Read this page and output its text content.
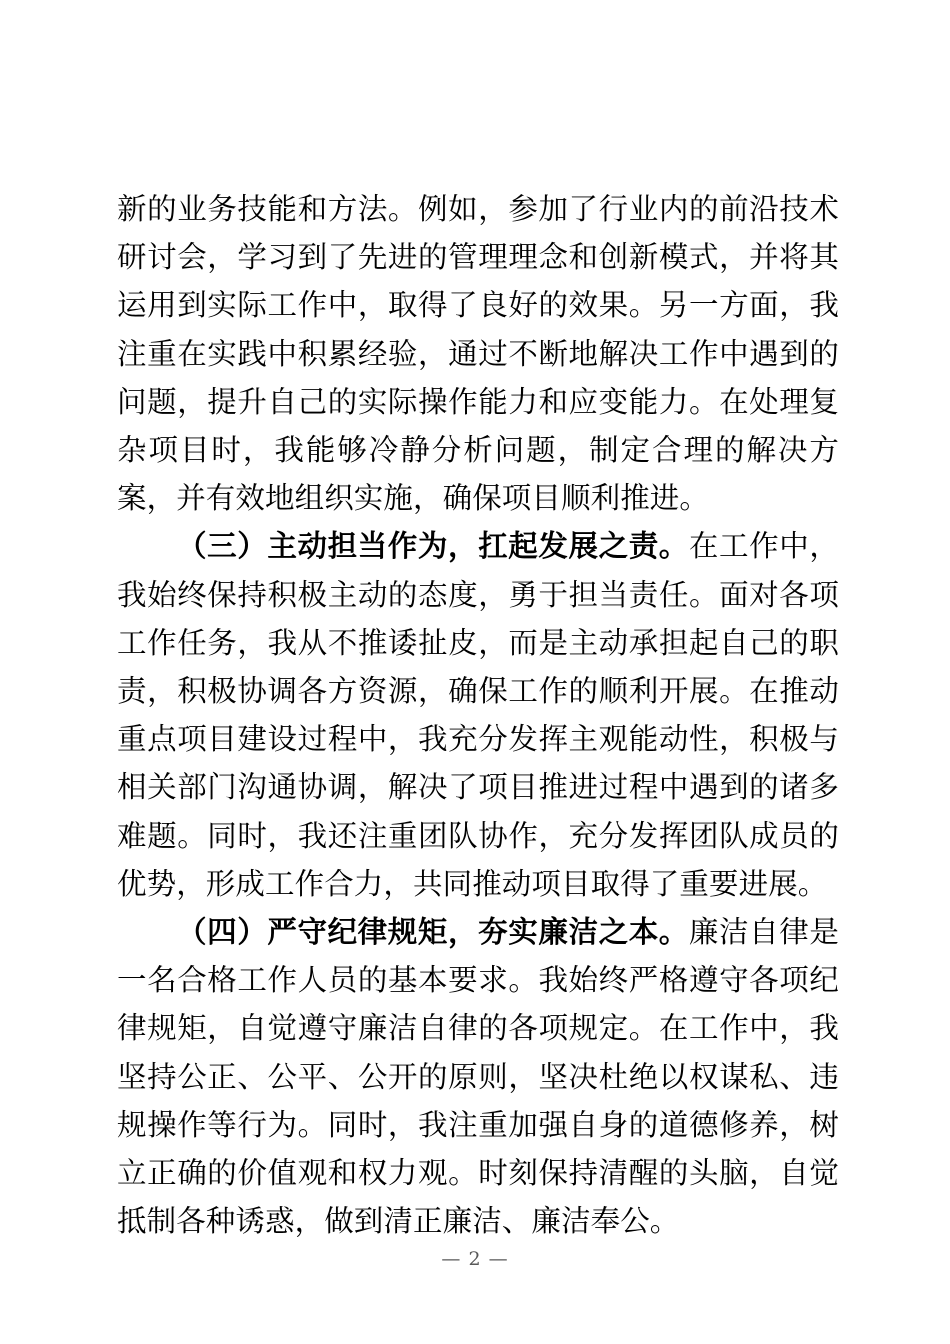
新的业务技能和方法。例如，参加了行业内的前沿技术研讨会，学习到了先进的管理理念和创新模式，并将其运用到实际工作中，取得了良好的效果。另一方面，我注重在实践中积累经验，通过不断地解决工作中遇到的问题，提升自己的实际操作能力和应变能力。在处理复杂项目时，我能够冷静分析问题，制定合理的解决方案，并有效地组织实施，确保项目顺利推进。

（三）主动担当作为，扛起发展之责。在工作中，我始终保持积极主动的态度，勇于担当责任。面对各项工作任务，我从不推诿扯皮，而是主动承担起自己的职责，积极协调各方资源，确保工作的顺利开展。在推动重点项目建设过程中，我充分发挥主观能动性，积极与相关部门沟通协调，解决了项目推进过程中遇到的诸多难题。同时，我还注重团队协作，充分发挥团队成员的优势，形成工作合力，共同推动项目取得了重要进展。

（四）严守纪律规矩，夯实廉洁之本。廉洁自律是一名合格工作人员的基本要求。我始终严格遵守各项纪律规矩，自觉遵守廉洁自律的各项规定。在工作中，我坚持公正、公平、公开的原则，坚决杜绝以权谋私、违规操作等行为。同时，我注重加强自身的道德修养，树立正确的价值观和权力观。时刻保持清醒的头脑，自觉抵制各种诱惑，做到清正廉洁、廉洁奉公。

— 2 —
